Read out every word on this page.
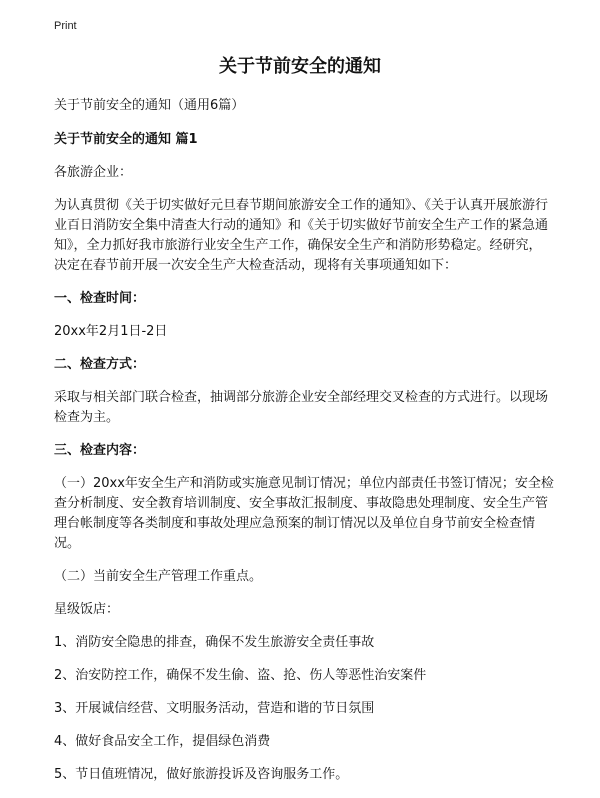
Print
关于节前安全的通知

关于节前安全的通知（通用6篇）

关于节前安全的通知 篇1

各旅游企业：

为认真贯彻《关于切实做好元旦春节期间旅游安全工作的通知》、《关于认真开展旅游行业百日消防安全集中清查大行动的通知》和《关于切实做好节前安全生产工作的紧急通知》，全力抓好我市旅游行业安全生产工作，确保安全生产和消防形势稳定。经研究，决定在春节前开展一次安全生产大检查活动，现将有关事项通知如下：

一、检查时间：

20xx年2月1日-2日

二、检查方式：

采取与相关部门联合检查，抽调部分旅游企业安全部经理交叉检查的方式进行。以现场检查为主。

三、检查内容：

（一）20xx年安全生产和消防或实施意见制订情况；单位内部责任书签订情况；安全检查分析制度、安全教育培训制度、安全事故汇报制度、事故隐患处理制度、安全生产管理台帐制度等各类制度和事故处理应急预案的制订情况以及单位自身节前安全检查情况。

（二）当前安全生产管理工作重点。

星级饭店：

1、消防安全隐患的排查，确保不发生旅游安全责任事故

2、治安防控工作，确保不发生偷、盗、抢、伤人等恶性治安案件

3、开展诚信经营、文明服务活动，营造和谐的节日氛围

4、做好食品安全工作，提倡绿色消费

5、节日值班情况，做好旅游投诉及咨询服务工作。
